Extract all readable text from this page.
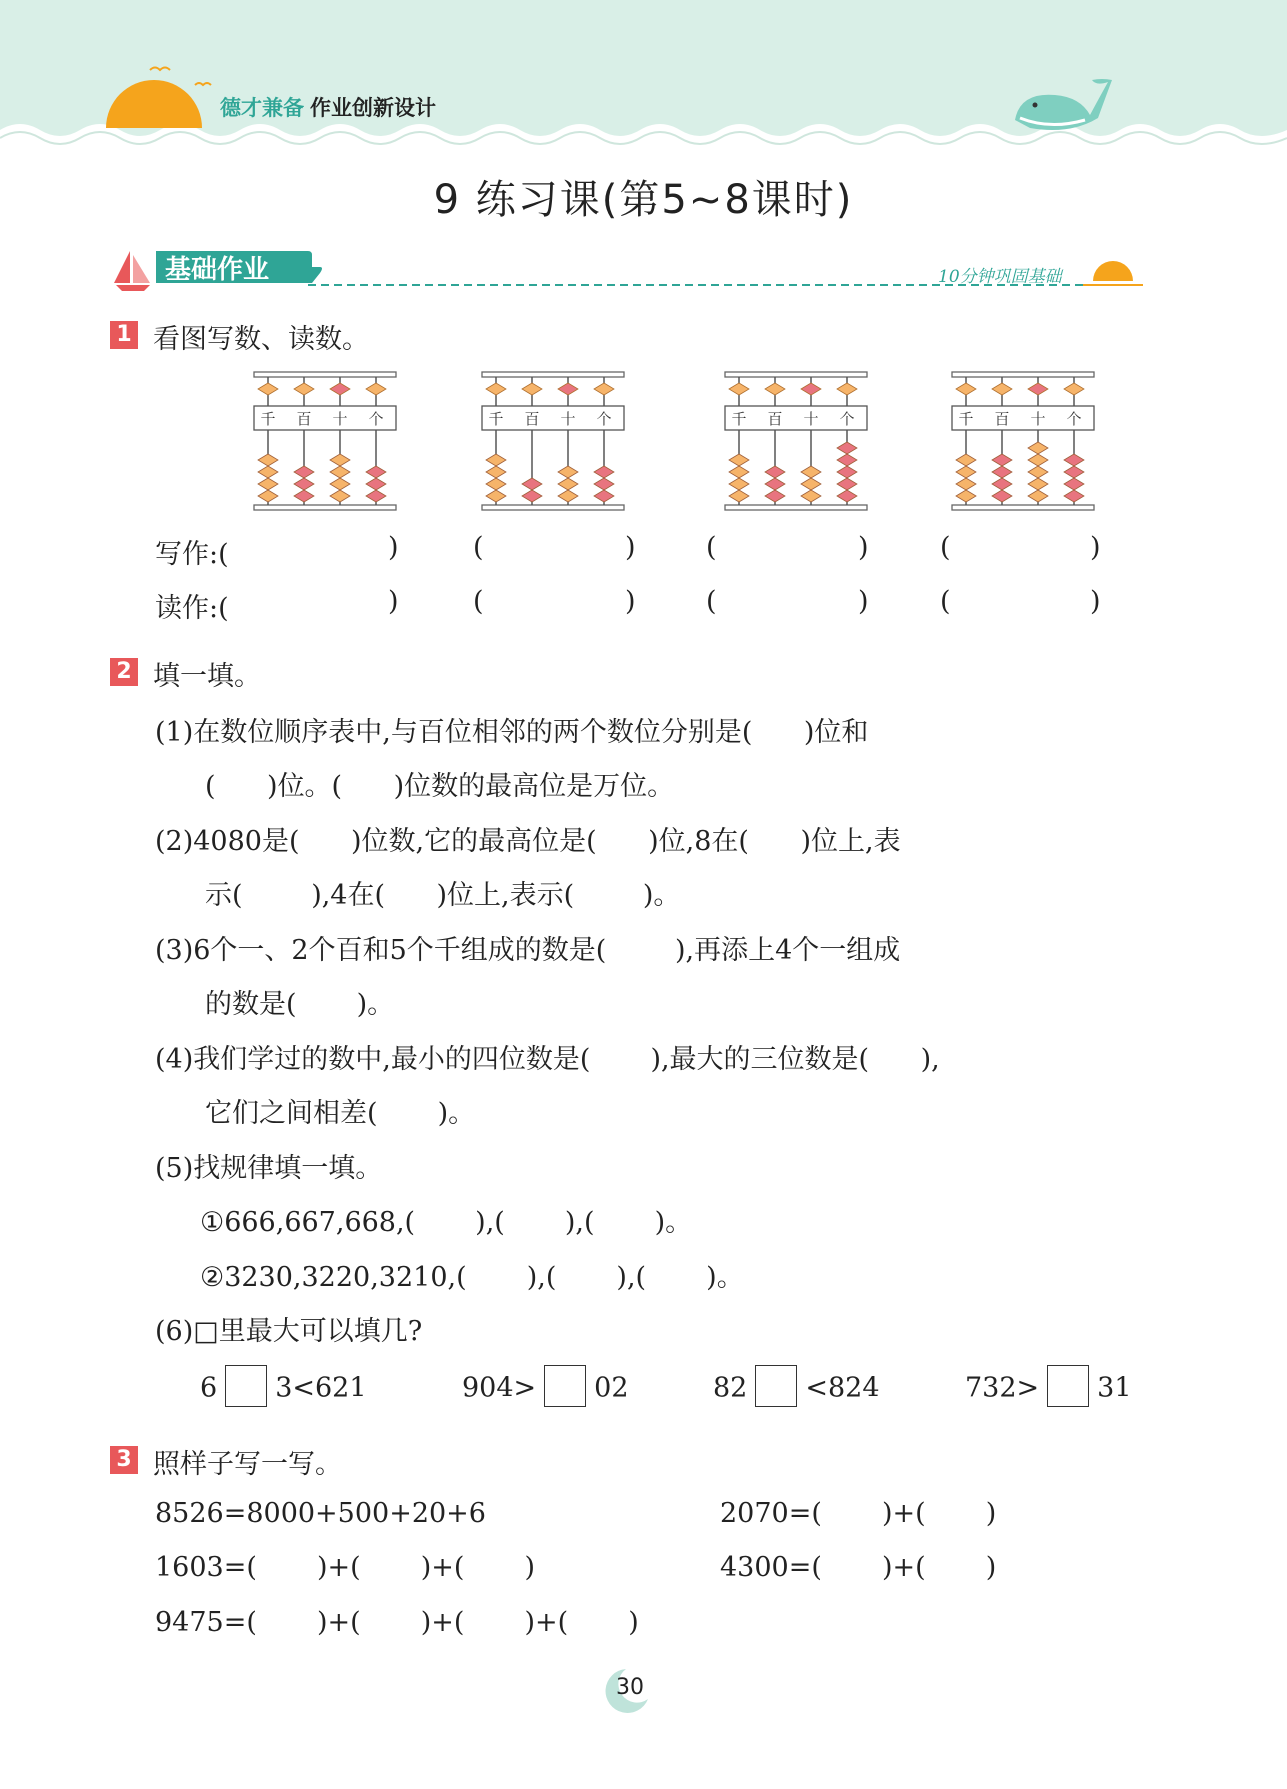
德才兼备 作业创新设计
9 练习课(第5~8课时)
基础作业	10分钟巩固基础
1 看图写数、读数。
千 百 十 个	千 百 十 个	千 百 十 个	千 百 十 个
写作:(	)	(	)	(	)	(	)
读作:(	)	(	)	(	)	(	)
2 填一填。
(1)在数位顺序表中,与百位相邻的两个数位分别是(      )位和
(      )位。(      )位数的最高位是万位。
(2)4080是(      )位数,它的最高位是(      )位,8在(      )位上,表
示(        ),4在(      )位上,表示(        )。
(3)6个一、2个百和5个千组成的数是(        ),再添上4个一组成
的数是(       )。
(4)我们学过的数中,最小的四位数是(       ),最大的三位数是(      ),
它们之间相差(       )。
(5)找规律填一填。
①666,667,668,(       ),(       ),(       )。
②3230,3220,3210,(       ),(       ),(       )。
(6)□里最大可以填几?
6 3<621	904> 02	82 <824	732> 31
3 照样子写一写。
8526=8000+500+20+6
1603=(       )+(       )+(       )
9475=(       )+(       )+(       )+(       )
2070=(       )+(       )
4300=(       )+(       )
30
